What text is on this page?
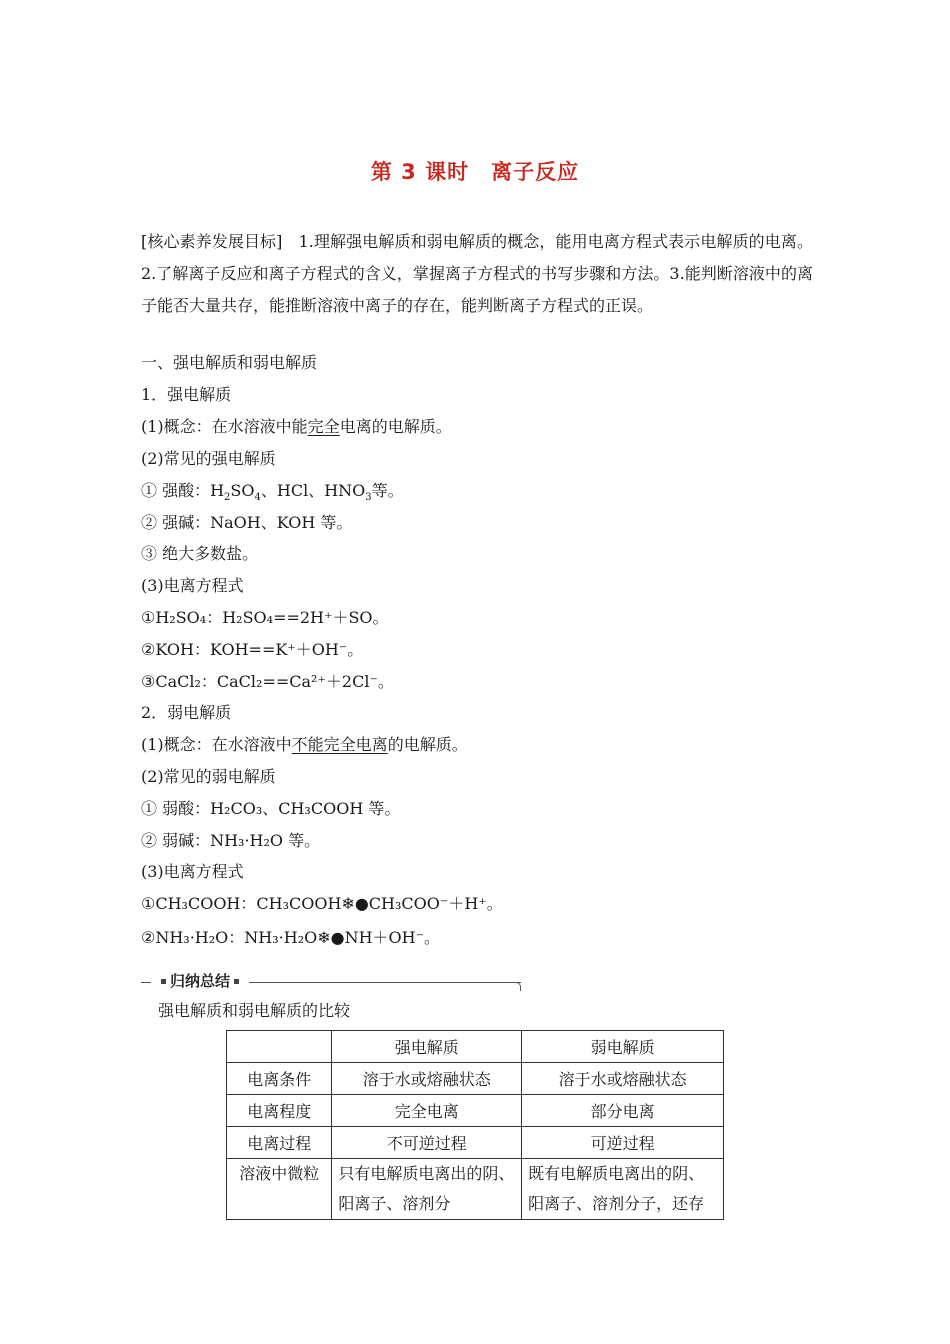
第 3 课时　离子反应
[核心素养发展目标]　1.理解强电解质和弱电解质的概念，能用电离方程式表示电解质的电离。2.了解离子反应和离子方程式的含义，掌握离子方程式的书写步骤和方法。3.能判断溶液中的离子能否大量共存，能推断溶液中离子的存在，能判断离子方程式的正误。
一、强电解质和弱电解质
1．强电解质
(1)概念：在水溶液中能完全电离的电解质。
(2)常见的强电解质
① 强酸：$H_2SO_4$、HCl、$HNO_3$等。
② 强碱：NaOH、KOH 等。
③ 绝大多数盐。
(3)电离方程式
①H₂SO₄：H₂SO₄==2H⁺＋SO。
②KOH：KOH==K⁺＋OH⁻。
③CaCl₂：CaCl₂==Ca²⁺＋2Cl⁻。
2．弱电解质
(1)概念：在水溶液中不能完全电离的电解质。
(2)常见的弱电解质
① 弱酸：H₂CO₃、CH₃COOH 等。
② 弱碱：NH₃·H₂O 等。
(3)电离方程式
①CH₃COOH：CH₃COOH❄●CH₃COO⁻＋H⁺。
②NH₃·H₂O：NH₃·H₂O❄●NH＋OH⁻。
归纳总结
强电解质和弱电解质的比较
	强电解质	弱电解质
电离条件	溶于水或熔融状态	溶于水或熔融状态
电离程度	完全电离	部分电离
电离过程	不可逆过程	可逆过程
溶液中微粒	只有电解质电离出的阴、阳离子、溶剂分	既有电解质电离出的阴、阳离子、溶剂分子，还存
